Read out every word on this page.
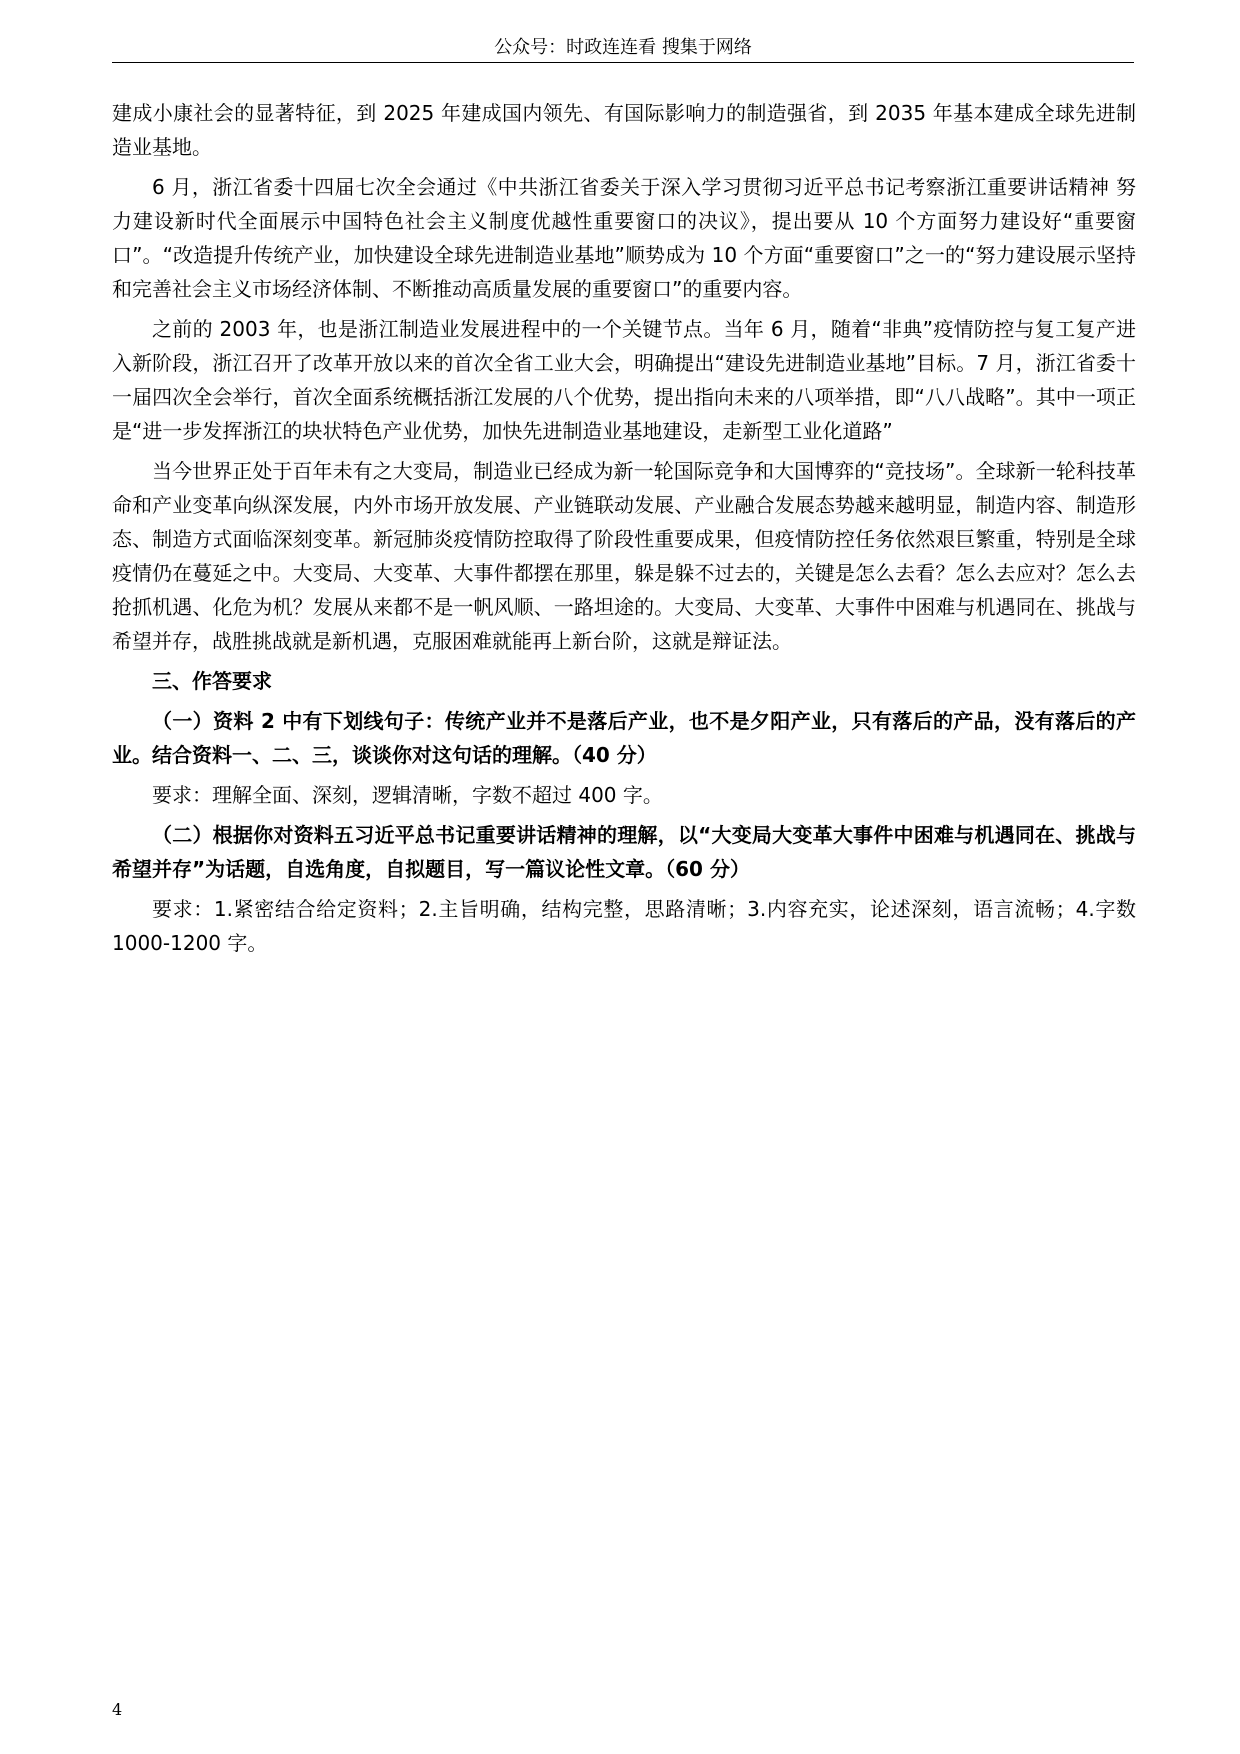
公众号：时政连连看 搜集于网络

建成小康社会的显著特征，到 2025 年建成国内领先、有国际影响力的制造强省，到 2035 年基本建成全球先进制造业基地。

6 月，浙江省委十四届七次全会通过《中共浙江省委关于深入学习贯彻习近平总书记考察浙江重要讲话精神 努力建设新时代全面展示中国特色社会主义制度优越性重要窗口的决议》，提出要从 10 个方面努力建设好“重要窗口”。“改造提升传统产业，加快建设全球先进制造业基地”顺势成为 10 个方面“重要窗口”之一的“努力建设展示坚持和完善社会主义市场经济体制、不断推动高质量发展的重要窗口”的重要内容。

之前的 2003 年，也是浙江制造业发展进程中的一个关键节点。当年 6 月，随着“非典”疫情防控与复工复产进入新阶段，浙江召开了改革开放以来的首次全省工业大会，明确提出“建设先进制造业基地”目标。7 月，浙江省委十一届四次全会举行，首次全面系统概括浙江发展的八个优势，提出指向未来的八项举措，即“八八战略”。其中一项正是“进一步发挥浙江的块状特色产业优势，加快先进制造业基地建设，走新型工业化道路”

当今世界正处于百年未有之大变局，制造业已经成为新一轮国际竞争和大国博弈的“竞技场”。全球新一轮科技革命和产业变革向纵深发展，内外市场开放发展、产业链联动发展、产业融合发展态势越来越明显，制造内容、制造形态、制造方式面临深刻变革。新冠肺炎疫情防控取得了阶段性重要成果，但疫情防控任务依然艰巨繁重，特别是全球疫情仍在蔓延之中。大变局、大变革、大事件都摆在那里，躲是躲不过去的，关键是怎么去看？怎么去应对？怎么去抢抓机遇、化危为机？发展从来都不是一帆风顺、一路坦途的。大变局、大变革、大事件中困难与机遇同在、挑战与希望并存，战胜挑战就是新机遇，克服困难就能再上新台阶，这就是辩证法。

三、作答要求

（一）资料 2 中有下划线句子：传统产业并不是落后产业，也不是夕阳产业，只有落后的产品，没有落后的产业。结合资料一、二、三，谈谈你对这句话的理解。（40 分）

要求：理解全面、深刻，逻辑清晰，字数不超过 400 字。

（二）根据你对资料五习近平总书记重要讲话精神的理解，以“大变局大变革大事件中困难与机遇同在、挑战与希望并存”为话题，自选角度，自拟题目，写一篇议论性文章。（60 分）

要求：1.紧密结合给定资料；2.主旨明确，结构完整，思路清晰；3.内容充实，论述深刻，语言流畅；4.字数 1000-1200 字。

4
